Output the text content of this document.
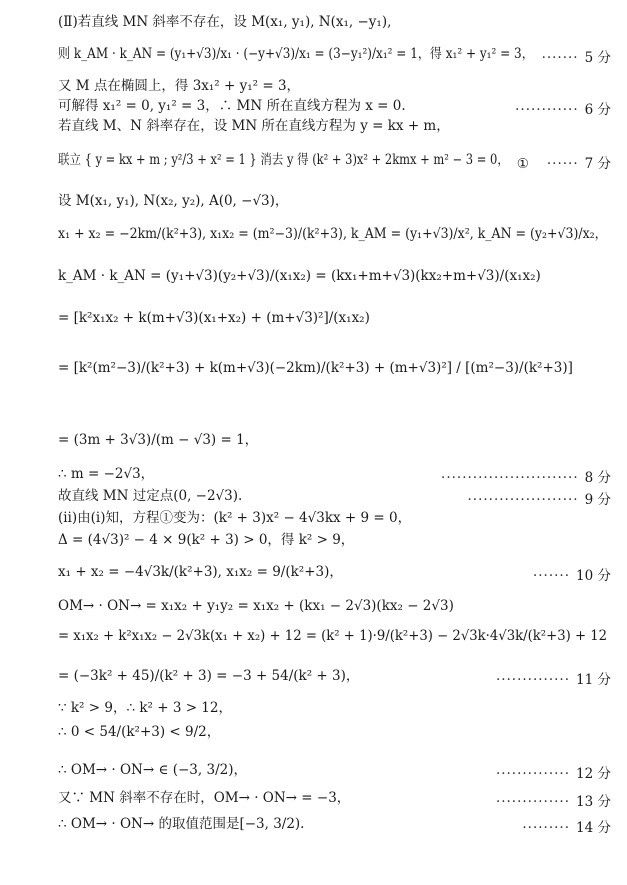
(Ⅱ)若直线 MN 斜率不存在，设 M(x₁, y₁), N(x₁, −y₁),
则 k_AM · k_AN = (y₁+√3)/x₁ · (−y+√3)/x₁ = (3−y₁²)/x₁² = 1，得 x₁² + y₁² = 3， ······· 5 分
又 M 点在椭圆上，得 3x₁² + y₁² = 3，
可解得 x₁² = 0, y₁² = 3，∴ MN 所在直线方程为 x = 0.	············ 6 分
若直线 M、N 斜率存在，设 MN 所在直线方程为 y = kx + m，
联立 { y = kx + m ; y²/3 + x² = 1 } 消去 y 得 (k² + 3)x² + 2kmx + m² − 3 = 0， ① ······ 7 分
设 M(x₁, y₁), N(x₂, y₂), A(0, −√3)，
x₁ + x₂ = −2km/(k²+3), x₁x₂ = (m²−3)/(k²+3), k_AM = (y₁+√3)/x², k_AN = (y₂+√3)/x₂，
k_AM · k_AN = (y₁+√3)(y₂+√3)/(x₁x₂) = (kx₁+m+√3)(kx₂+m+√3)/(x₁x₂)
= [k²x₁x₂ + k(m+√3)(x₁+x₂) + (m+√3)²]/(x₁x₂)
= [k²(m²−3)/(k²+3) + k(m+√3)(−2km)/(k²+3) + (m+√3)²] / [(m²−3)/(k²+3)]
= (3m + 3√3)/(m − √3) = 1，
∴ m = −2√3，	·························· 8 分
故直线 MN 过定点(0, −2√3).	····················· 9 分
(ⅱ)由(ⅰ)知，方程①变为：(k² + 3)x² − 4√3kx + 9 = 0，
Δ = (4√3)² − 4 × 9(k² + 3) > 0，得 k² > 9，
x₁ + x₂ = −4√3k/(k²+3), x₁x₂ = 9/(k²+3)，	······· 10 分
OM→ · ON→ = x₁x₂ + y₁y₂ = x₁x₂ + (kx₁ − 2√3)(kx₂ − 2√3)
= x₁x₂ + k²x₁x₂ − 2√3k(x₁ + x₂) + 12 = (k² + 1)·9/(k²+3) − 2√3k·4√3k/(k²+3) + 12
= (−3k² + 45)/(k² + 3) = −3 + 54/(k² + 3)，	·············· 11 分
∵ k² > 9，∴ k² + 3 > 12，
∴ 0 < 54/(k²+3) < 9/2，
∴ OM→ · ON→ ∈ (−3, 3/2)，	·············· 12 分
又∵ MN 斜率不存在时，OM→ · ON→ = −3，	·············· 13 分
∴ OM→ · ON→ 的取值范围是[−3, 3/2).	········· 14 分
